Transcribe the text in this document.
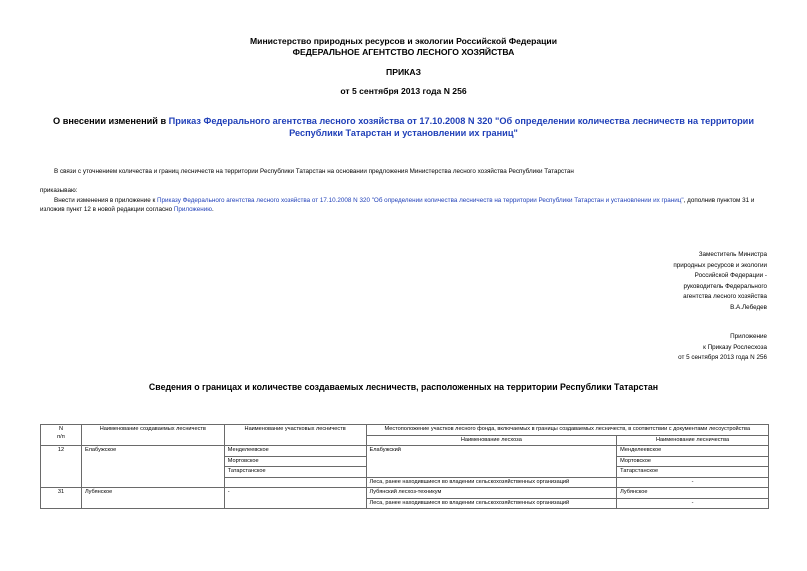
Министерство природных ресурсов и экологии Российской Федерации
ФЕДЕРАЛЬНОЕ АГЕНТСТВО ЛЕСНОГО ХОЗЯЙСТВА
ПРИКАЗ
от 5 сентября 2013 года N 256
О внесении изменений в Приказ Федерального агентства лесного хозяйства от 17.10.2008 N 320 "Об определении количества лесничеств на территории Республики Татарстан и установлении их границ"
В связи с уточнением количества и границ лесничеств на территории Республики Татарстан на основании предложения Министерства лесного хозяйства Республики Татарстан
приказываю:
Внести изменения в приложение к Приказу Федерального агентства лесного хозяйства от 17.10.2008 N 320 "Об определении количества лесничеств на территории Республики Татарстан и установлении их границ", дополнив пунктом 31 и изложив пункт 12 в новой редакции согласно Приложению.
Заместитель Министра
природных ресурсов и экологии
Российской Федерации -
руководитель Федерального
агентства лесного хозяйства
В.А.Лебедев
Приложение
к Приказу Рослесхоза
от 5 сентября 2013 года N 256
Сведения о границах и количестве создаваемых лесничеств, расположенных на территории Республики Татарстан
N
п/п	Наименование создаваемых лесничеств	Наименование участковых лесничеств	Местоположение участков лесного фонда, включаемых в границы создаваемых лесничеств, в соответствии с документами лесоустройства	
			Наименование лесхоза	Наименование лесничества
12	Елабужское	Менделеевское	Елабужский	Менделеевское
		Мортовское		Мортовское
		Татарстанское		Татарстанское
			Леса, ранее находившиеся во владении сельскохозяйственных организаций	-
31	Лубянское	-	Лубянский лесхоз-техникум	Лубянское
			Леса, ранее находившиеся во владении сельскохозяйственных организаций	-
